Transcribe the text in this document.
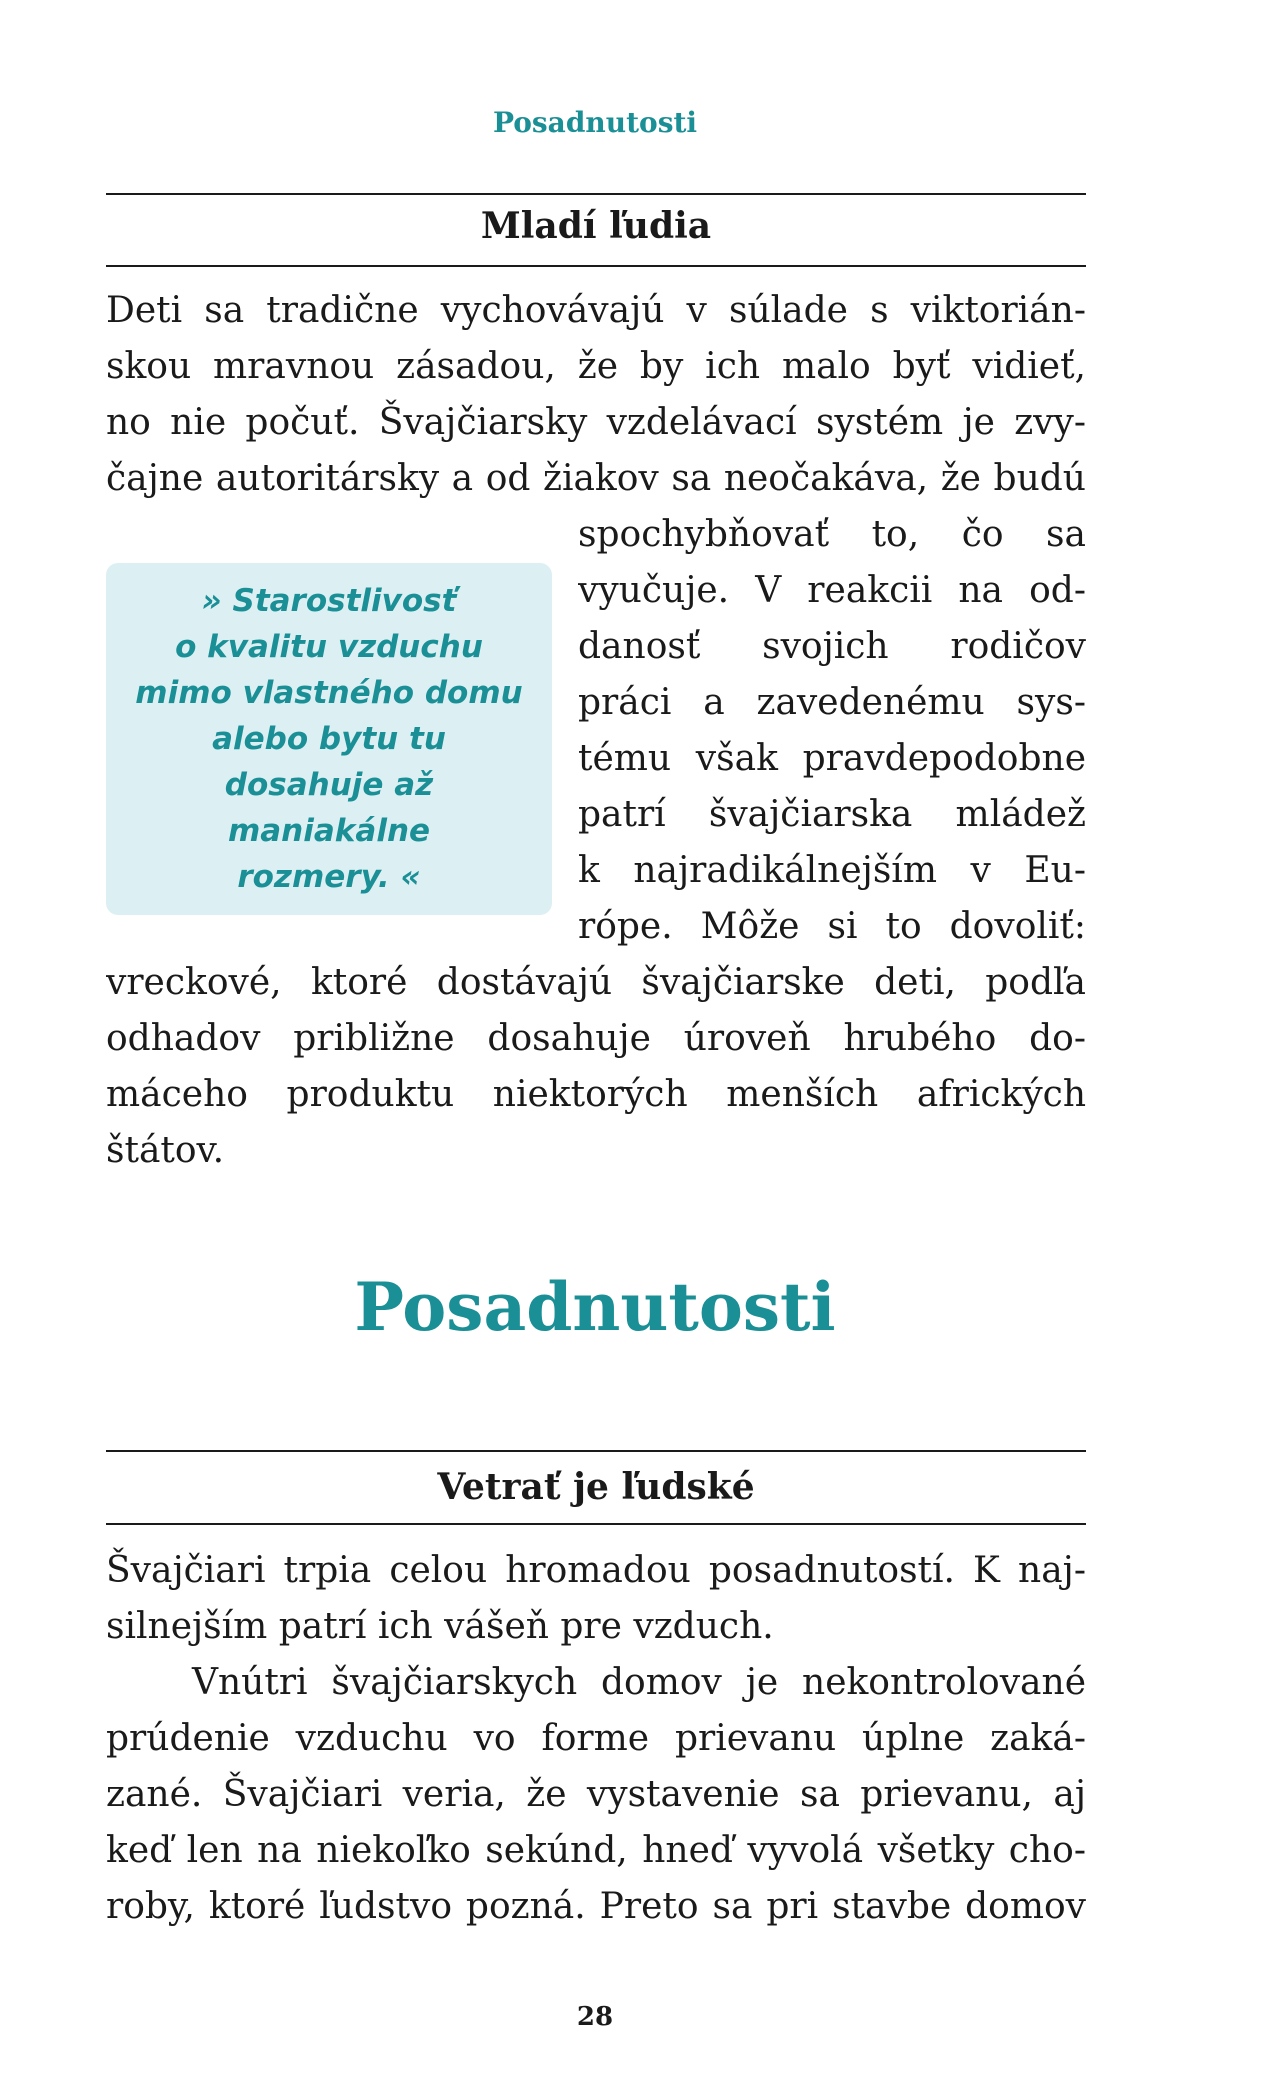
Posadnutosti
Mladí ľudia
Deti sa tradične vychovávajú v súlade s viktorián-
skou mravnou zásadou, že by ich malo byť vidieť,
no nie počuť. Švajčiarsky vzdelávací systém je zvy-
čajne autoritársky a od žiakov sa neočakáva, že budú
spochybňovať to, čo sa
vyučuje. V reakcii na od-
danosť svojich rodičov
práci a zavedenému sys-
tému však pravdepodobne
patrí švajčiarska mládež
k najradikálnejším v Eu-
rópe. Môže si to dovoliť:
vreckové, ktoré dostávajú švajčiarske deti, podľa
odhadov približne dosahuje úroveň hrubého do-
máceho produktu niektorých menších afrických
štátov.
» Starostlivosť
o kvalitu vzduchu
mimo vlastného domu
alebo bytu tu
dosahuje až
maniakálne
rozmery. «
Posadnutosti
Vetrať je ľudské
Švajčiari trpia celou hromadou posadnutostí. K naj-
silnejším patrí ich vášeň pre vzduch.
Vnútri švajčiarskych domov je nekontrolované
prúdenie vzduchu vo forme prievanu úplne zaká-
zané. Švajčiari veria, že vystavenie sa prievanu, aj
keď len na niekoľko sekúnd, hneď vyvolá všetky cho-
roby, ktoré ľudstvo pozná. Preto sa pri stavbe domov
28
